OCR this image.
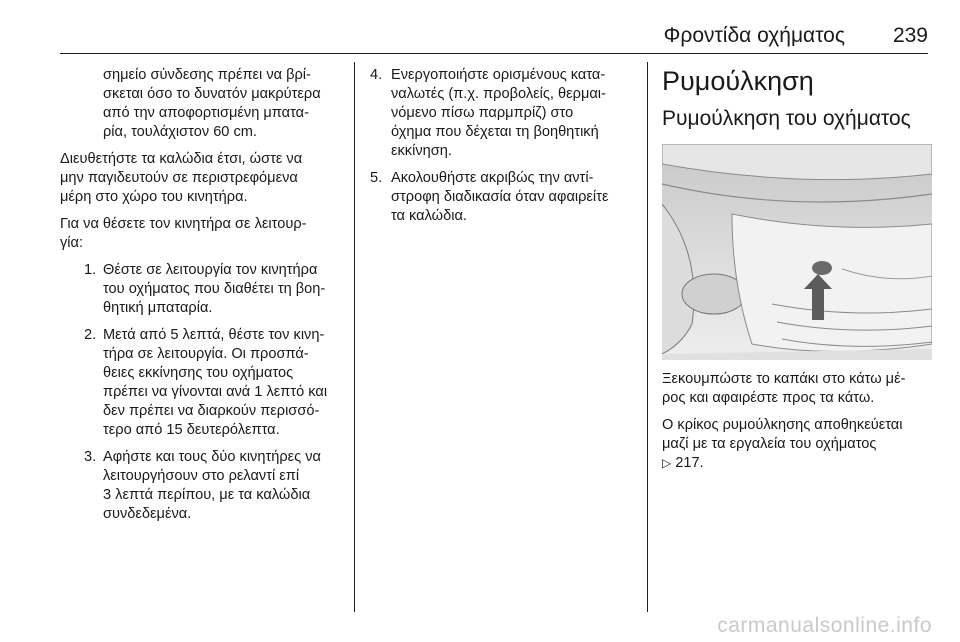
Φροντίδα οχήματος 239

σημείο σύνδεσης πρέπει να βρί-
σκεται όσο το δυνατόν μακρύτερα
από την αποφορτισμένη μπατα-
ρία, τουλάχιστον 60 cm.

Διευθετήστε τα καλώδια έτσι, ώστε να
μην παγιδευτούν σε περιστρεφόμενα
μέρη στο χώρο του κινητήρα.

Για να θέσετε τον κινητήρα σε λειτουρ-
γία:

1. Θέστε σε λειτουργία τον κινητήρα
του οχήματος που διαθέτει τη βοη-
θητική μπαταρία.
2. Μετά από 5 λεπτά, θέστε τον κινη-
τήρα σε λειτουργία. Οι προσπά-
θειες εκκίνησης του οχήματος
πρέπει να γίνονται ανά 1 λεπτό και
δεν πρέπει να διαρκούν περισσό-
τερο από 15 δευτερόλεπτα.
3. Αφήστε και τους δύο κινητήρες να
λειτουργήσουν στο ρελαντί επί
3 λεπτά περίπου, με τα καλώδια
συνδεδεμένα.
4. Ενεργοποιήστε ορισμένους κατα-
ναλωτές (π.χ. προβολείς, θερμαι-
νόμενο πίσω παρμπρίζ) στο
όχημα που δέχεται τη βοηθητική
εκκίνηση.
5. Ακολουθήστε ακριβώς την αντί-
στροφη διαδικασία όταν αφαιρείτε
τα καλώδια.
Ρυμούλκηση
Ρυμούλκηση του οχήματος

Ξεκουμπώστε το καπάκι στο κάτω μέ-
ρος και αφαιρέστε προς τα κάτω.

Ο κρίκος ρυμούλκησης αποθηκεύεται
μαζί με τα εργαλεία του οχήματος
▷ 217.

carmanualsonline.info
